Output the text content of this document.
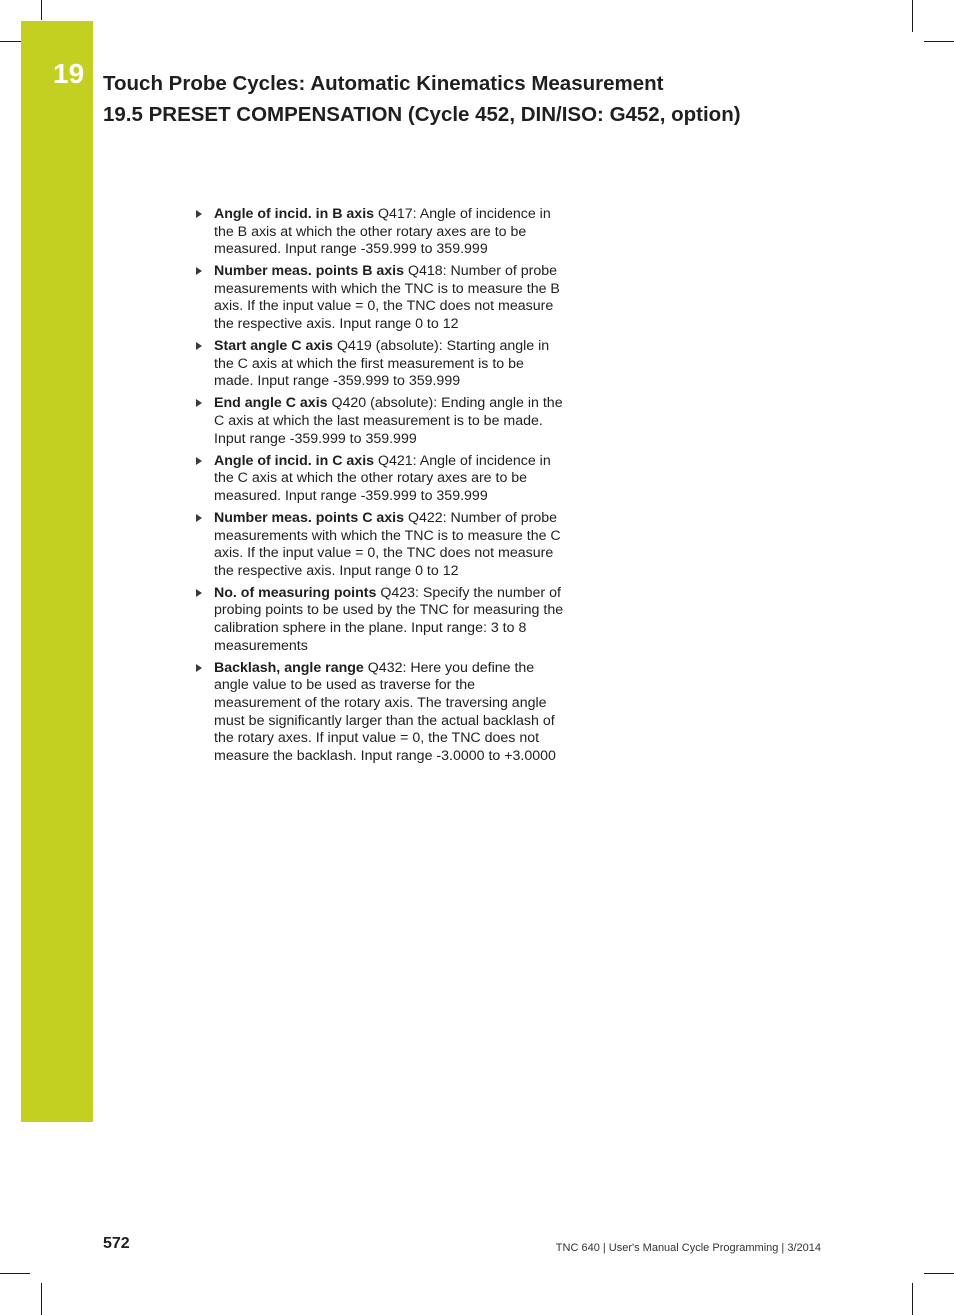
19 Touch Probe Cycles: Automatic Kinematics Measurement
19.5 PRESET COMPENSATION (Cycle 452, DIN/ISO: G452, option)
Angle of incid. in B axis Q417: Angle of incidence in the B axis at which the other rotary axes are to be measured. Input range -359.999 to 359.999
Number meas. points B axis Q418: Number of probe measurements with which the TNC is to measure the B axis. If the input value = 0, the TNC does not measure the respective axis. Input range 0 to 12
Start angle C axis Q419 (absolute): Starting angle in the C axis at which the first measurement is to be made. Input range -359.999 to 359.999
End angle C axis Q420 (absolute): Ending angle in the C axis at which the last measurement is to be made. Input range -359.999 to 359.999
Angle of incid. in C axis Q421: Angle of incidence in the C axis at which the other rotary axes are to be measured. Input range -359.999 to 359.999
Number meas. points C axis Q422: Number of probe measurements with which the TNC is to measure the C axis. If the input value = 0, the TNC does not measure the respective axis. Input range 0 to 12
No. of measuring points Q423: Specify the number of probing points to be used by the TNC for measuring the calibration sphere in the plane. Input range: 3 to 8 measurements
Backlash, angle range Q432: Here you define the angle value to be used as traverse for the measurement of the rotary axis. The traversing angle must be significantly larger than the actual backlash of the rotary axes. If input value = 0, the TNC does not measure the backlash. Input range -3.0000 to +3.0000
572	TNC 640 | User's Manual Cycle Programming | 3/2014
